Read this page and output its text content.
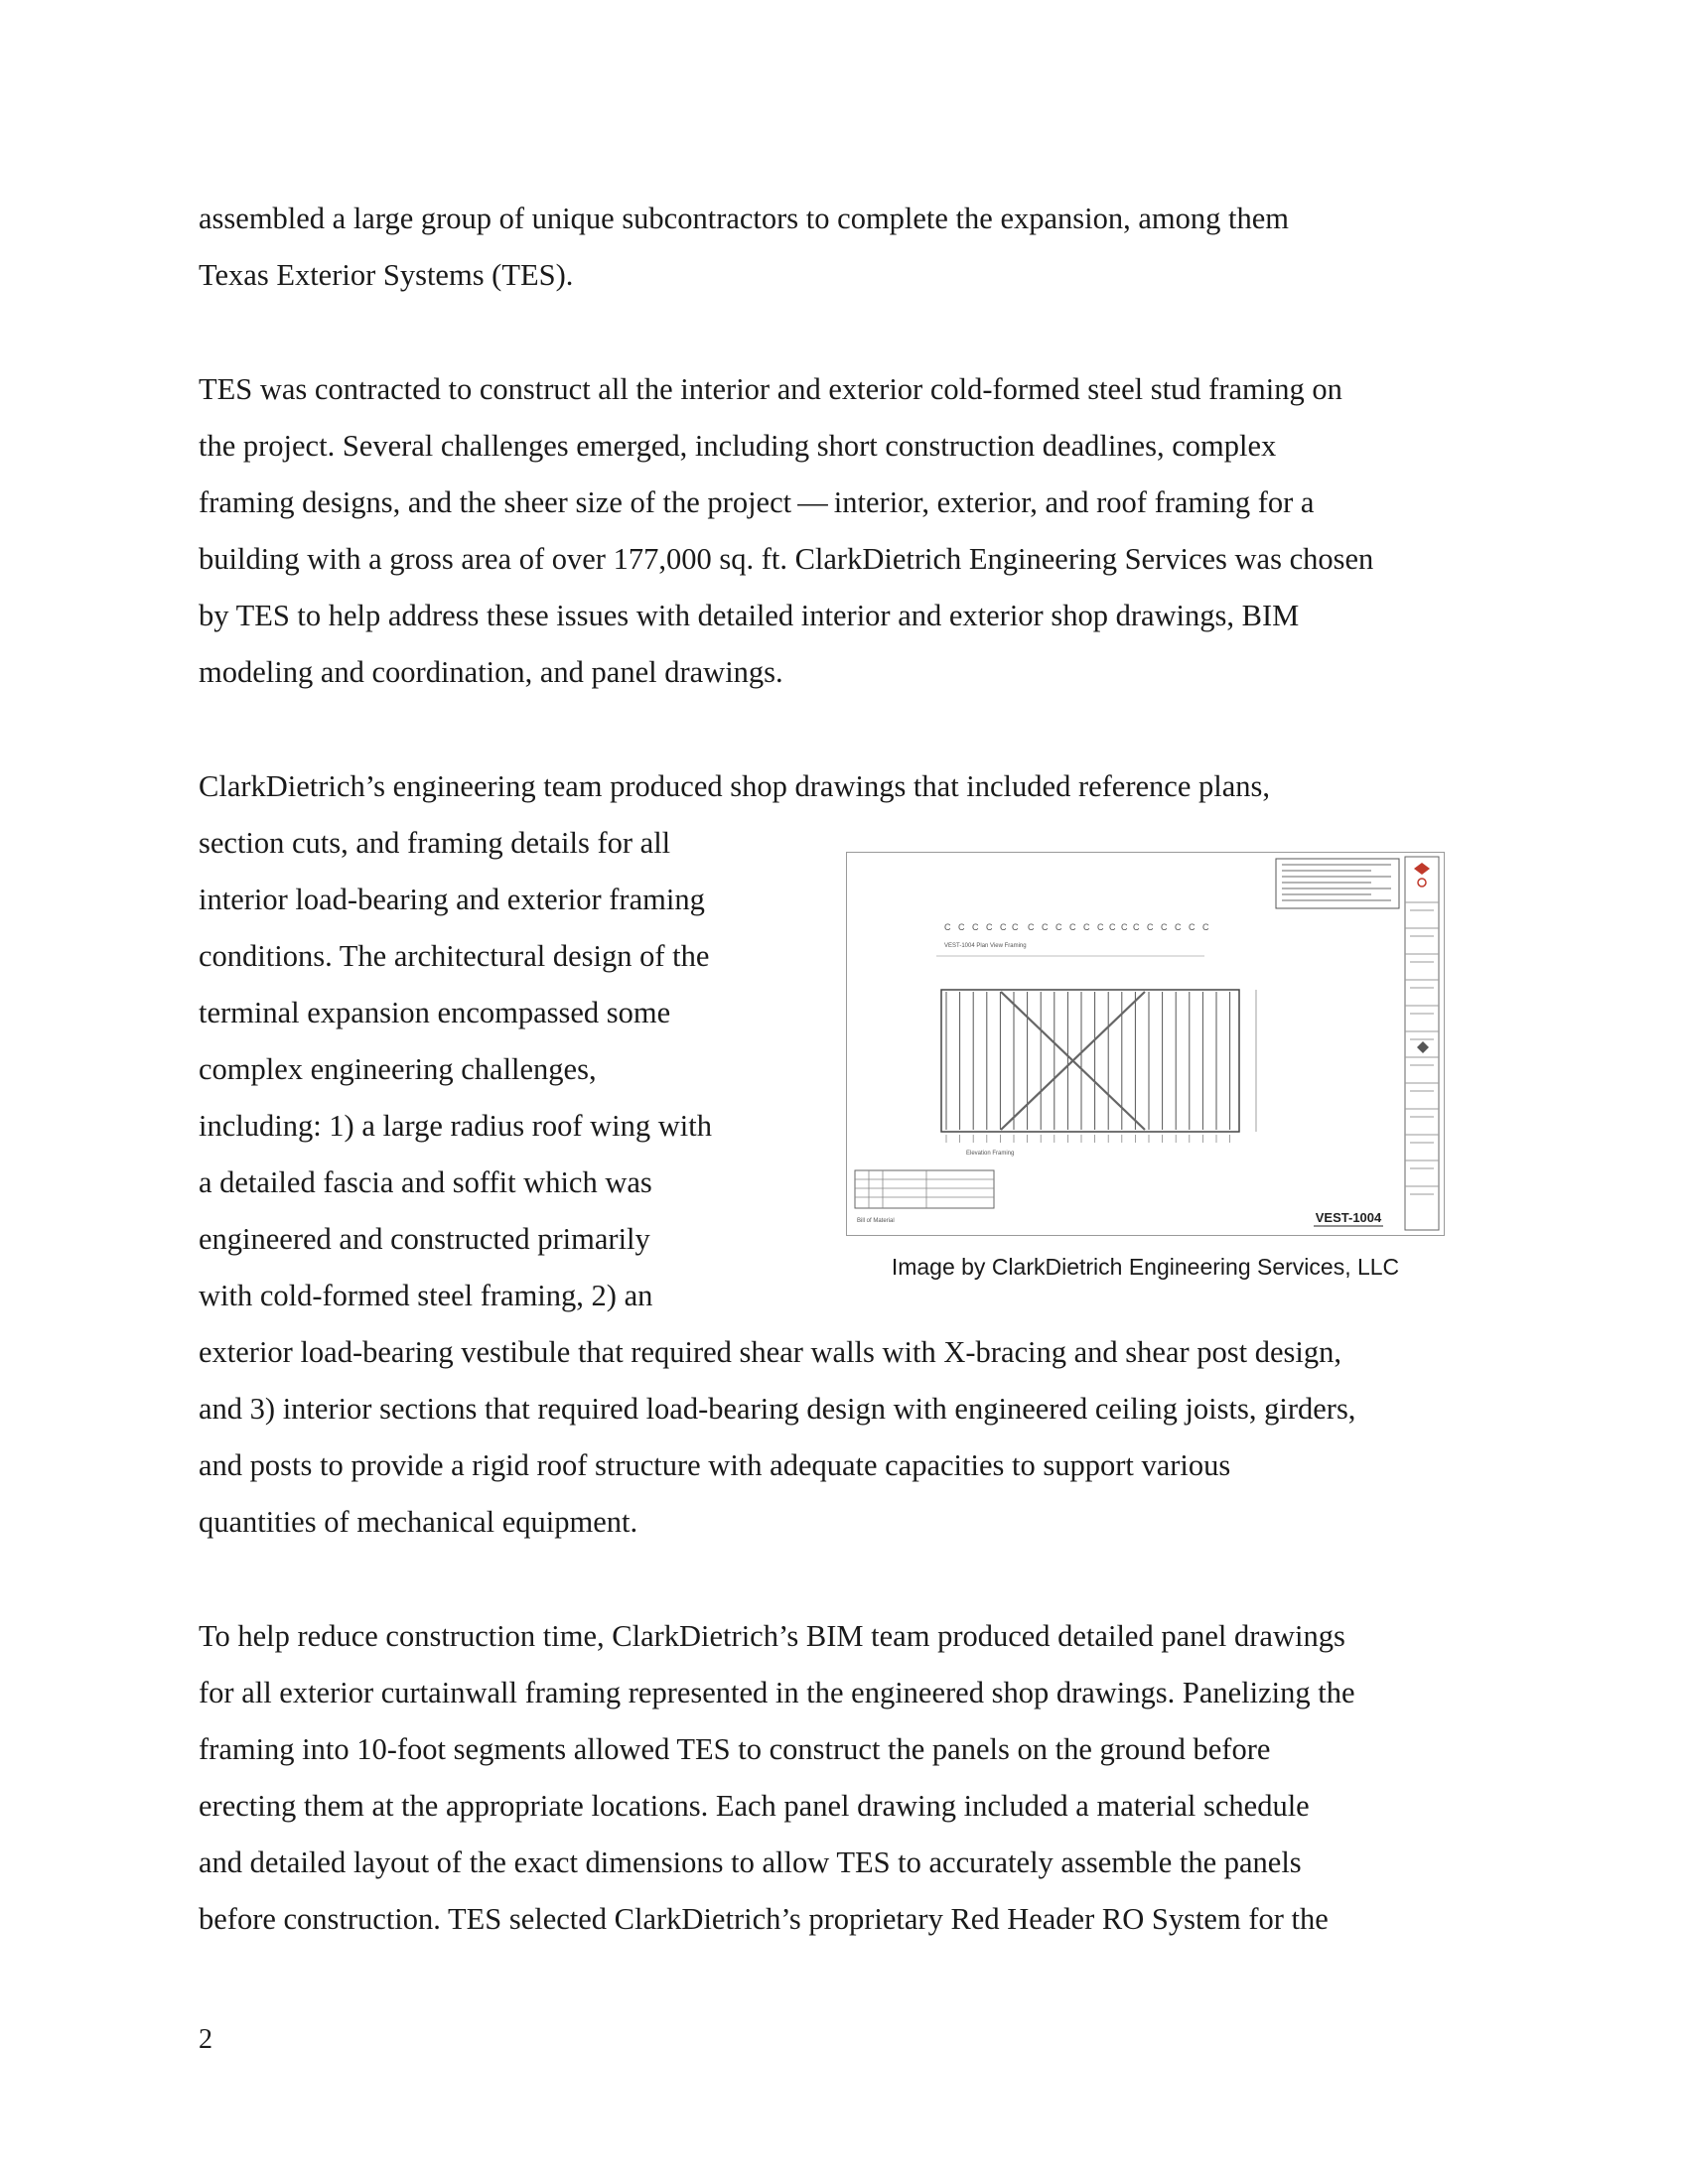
assembled a large group of unique subcontractors to complete the expansion, among them

Texas Exterior Systems (TES).

TES was contracted to construct all the interior and exterior cold-formed steel stud framing on

the project. Several challenges emerged, including short construction deadlines, complex

framing designs, and the sheer size of the project — interior, exterior, and roof framing for a

building with a gross area of over 177,000 sq. ft. ClarkDietrich Engineering Services was chosen

by TES to help address these issues with detailed interior and exterior shop drawings, BIM

modeling and coordination, and panel drawings.

ClarkDietrich’s engineering team produced shop drawings that included reference plans,

section cuts, and framing details for all

interior load-bearing and exterior framing

conditions. The architectural design of the

terminal expansion encompassed some

complex engineering challenges,

including: 1) a large radius roof wing with

a detailed fascia and soffit which was

engineered and constructed primarily

with cold-formed steel framing, 2) an

exterior load-bearing vestibule that required shear walls with X-bracing and shear post design,

and 3) interior sections that required load-bearing design with engineered ceiling joists, girders,

and posts to provide a rigid roof structure with adequate capacities to support various

quantities of mechanical equipment.

To help reduce construction time, ClarkDietrich’s BIM team produced detailed panel drawings

for all exterior curtainwall framing represented in the engineered shop drawings. Panelizing the

framing into 10-foot segments allowed TES to construct the panels on the ground before

erecting them at the appropriate locations. Each panel drawing included a material schedule

and detailed layout of the exact dimensions to allow TES to accurately assemble the panels

before construction. TES selected ClarkDietrich’s proprietary Red Header RO System for the

C C C C C C C C C C C C C C C C C C C C
VEST-1004 Plan View Framing
Elevation Framing
Bill of Material	VEST-1004

Image by ClarkDietrich Engineering Services, LLC

2
